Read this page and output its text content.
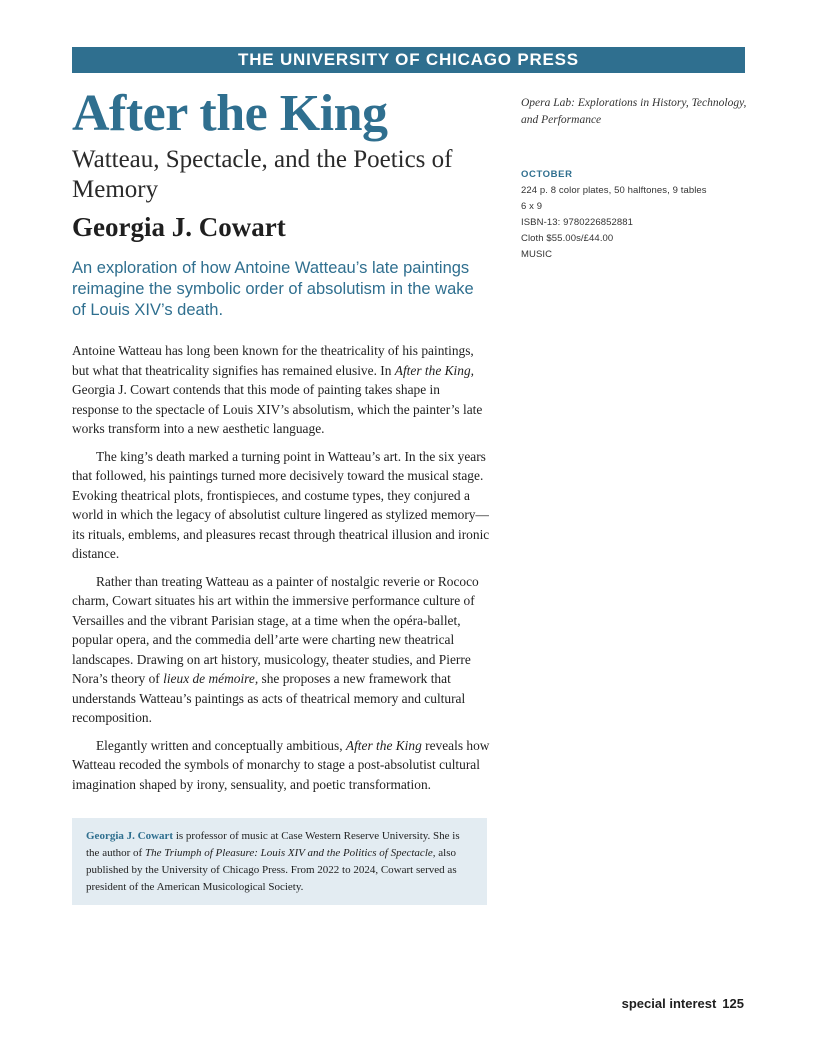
THE UNIVERSITY OF CHICAGO PRESS
After the King
Watteau, Spectacle, and the Poetics of Memory
Georgia J. Cowart

An exploration of how Antoine Watteau’s late paintings reimagine the symbolic order of absolutism in the wake of Louis XIV’s death.

Antoine Watteau has long been known for the theatricality of his paintings, but what that theatricality signifies has remained elusive. In After the King, Georgia J. Cowart contends that this mode of painting takes shape in response to the spectacle of Louis XIV’s absolutism, which the painter’s late works transform into a new aesthetic language.

The king’s death marked a turning point in Watteau’s art. In the six years that followed, his paintings turned more decisively toward the musical stage. Evoking theatrical plots, frontispieces, and costume types, they conjured a world in which the legacy of absolutist culture lingered as stylized memory—its rituals, emblems, and pleasures recast through theatrical illusion and ironic distance.

Rather than treating Watteau as a painter of nostalgic reverie or Rococo charm, Cowart situates his art within the immersive performance culture of Versailles and the vibrant Parisian stage, at a time when the opéra-ballet, popular opera, and the commedia dell’arte were charting new theatrical landscapes. Drawing on art history, musicology, theater studies, and Pierre Nora’s theory of lieux de mémoire, she proposes a new framework that understands Watteau’s paintings as acts of theatrical memory and cultural recomposition.

Elegantly written and conceptually ambitious, After the King reveals how Watteau recoded the symbols of monarchy to stage a post-absolutist cultural imagination shaped by irony, sensuality, and poetic transformation.

Georgia J. Cowart is professor of music at Case Western Reserve University. She is the author of The Triumph of Pleasure: Louis XIV and the Politics of Spectacle, also published by the University of Chicago Press. From 2022 to 2024, Cowart served as president of the American Musicological Society.

Opera Lab: Explorations in History, Technology, and Performance

OCTOBER
224 p. 8 color plates, 50 halftones, 9 tables
6 x 9
ISBN-13: 9780226852881
Cloth $55.00s/£44.00
MUSIC
special interest 125
